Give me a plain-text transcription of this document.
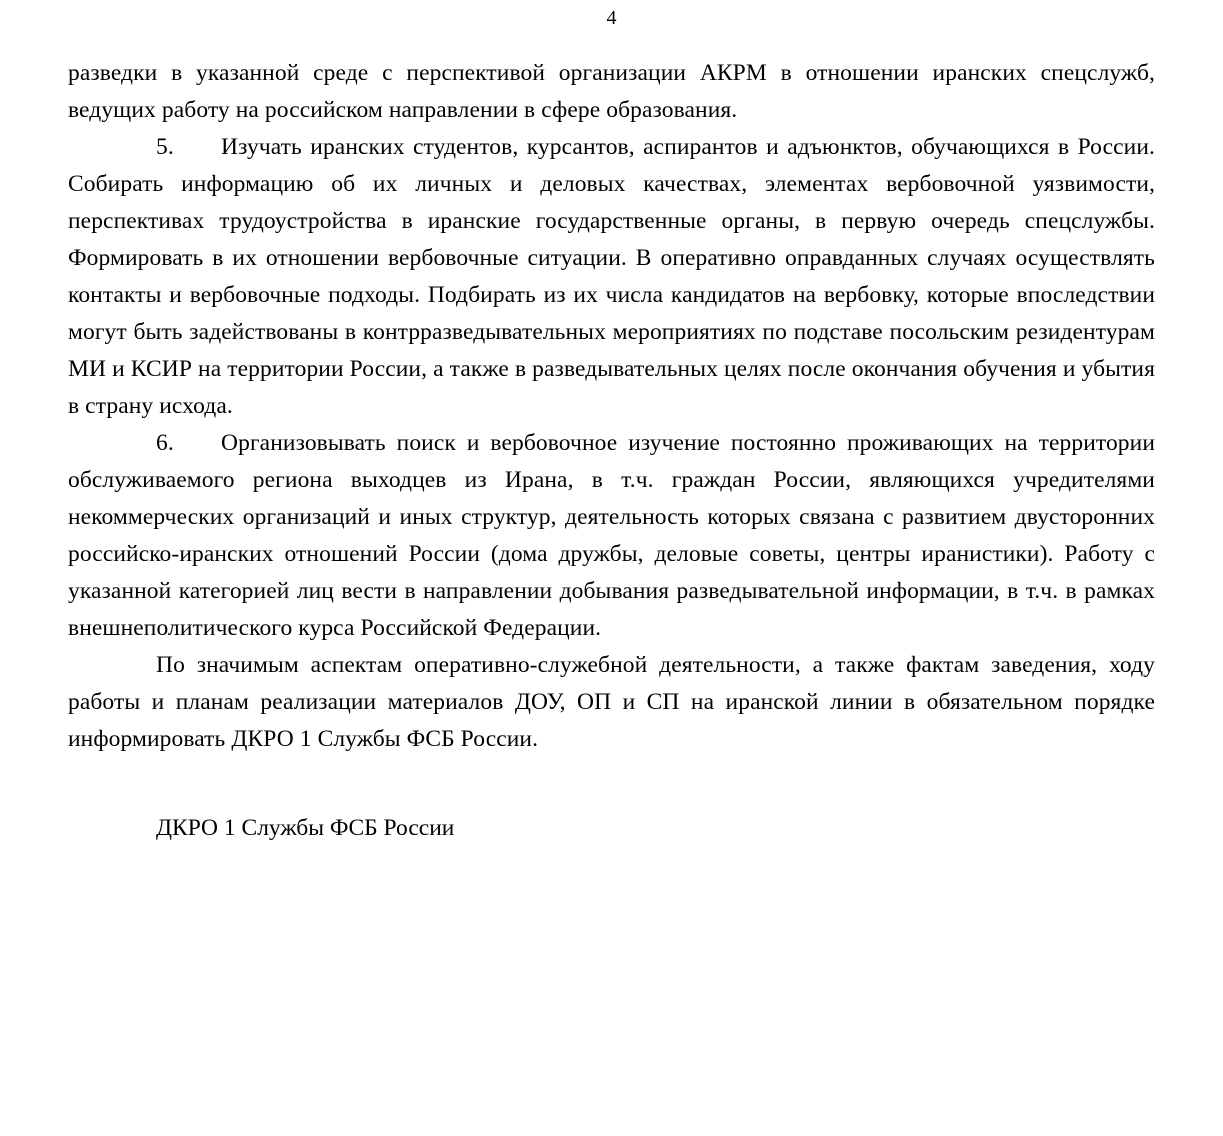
4

разведки в указанной среде с перспективой организации АКРМ в отношении иранских спецслужб, ведущих работу на российском направлении в сфере образования.

5.  Изучать иранских студентов, курсантов, аспирантов и адъюнктов, обучающихся в России. Собирать информацию об их личных и деловых качествах, элементах вербовочной уязвимости, перспективах трудоустройства в иранские государственные органы, в первую очередь спецслужбы. Формировать в их отношении вербовочные ситуации. В оперативно оправданных случаях осуществлять контакты и вербовочные подходы. Подбирать из их числа кандидатов на вербовку, которые впоследствии могут быть задействованы в контрразведывательных мероприятиях по подставе посольским резидентурам МИ и КСИР на территории России, а также в разведывательных целях после окончания обучения и убытия в страну исхода.

6.  Организовывать поиск и вербовочное изучение постоянно проживающих на территории обслуживаемого региона выходцев из Ирана, в т.ч. граждан России, являющихся учредителями некоммерческих организаций и иных структур, деятельность которых связана с развитием двусторонних российско-иранских отношений России (дома дружбы, деловые советы, центры ираниcтики). Работу с указанной категорией лиц вести в направлении добывания разведывательной информации, в т.ч. в рамках внешнеполитического курса Российской Федерации.

По значимым аспектам оперативно-служебной деятельности, а также фактам заведения, ходу работы и планам реализации материалов ДОУ, ОП и СП на иранской линии в обязательном порядке информировать ДКРО 1 Службы ФСБ России.

ДКРО 1 Службы ФСБ России
